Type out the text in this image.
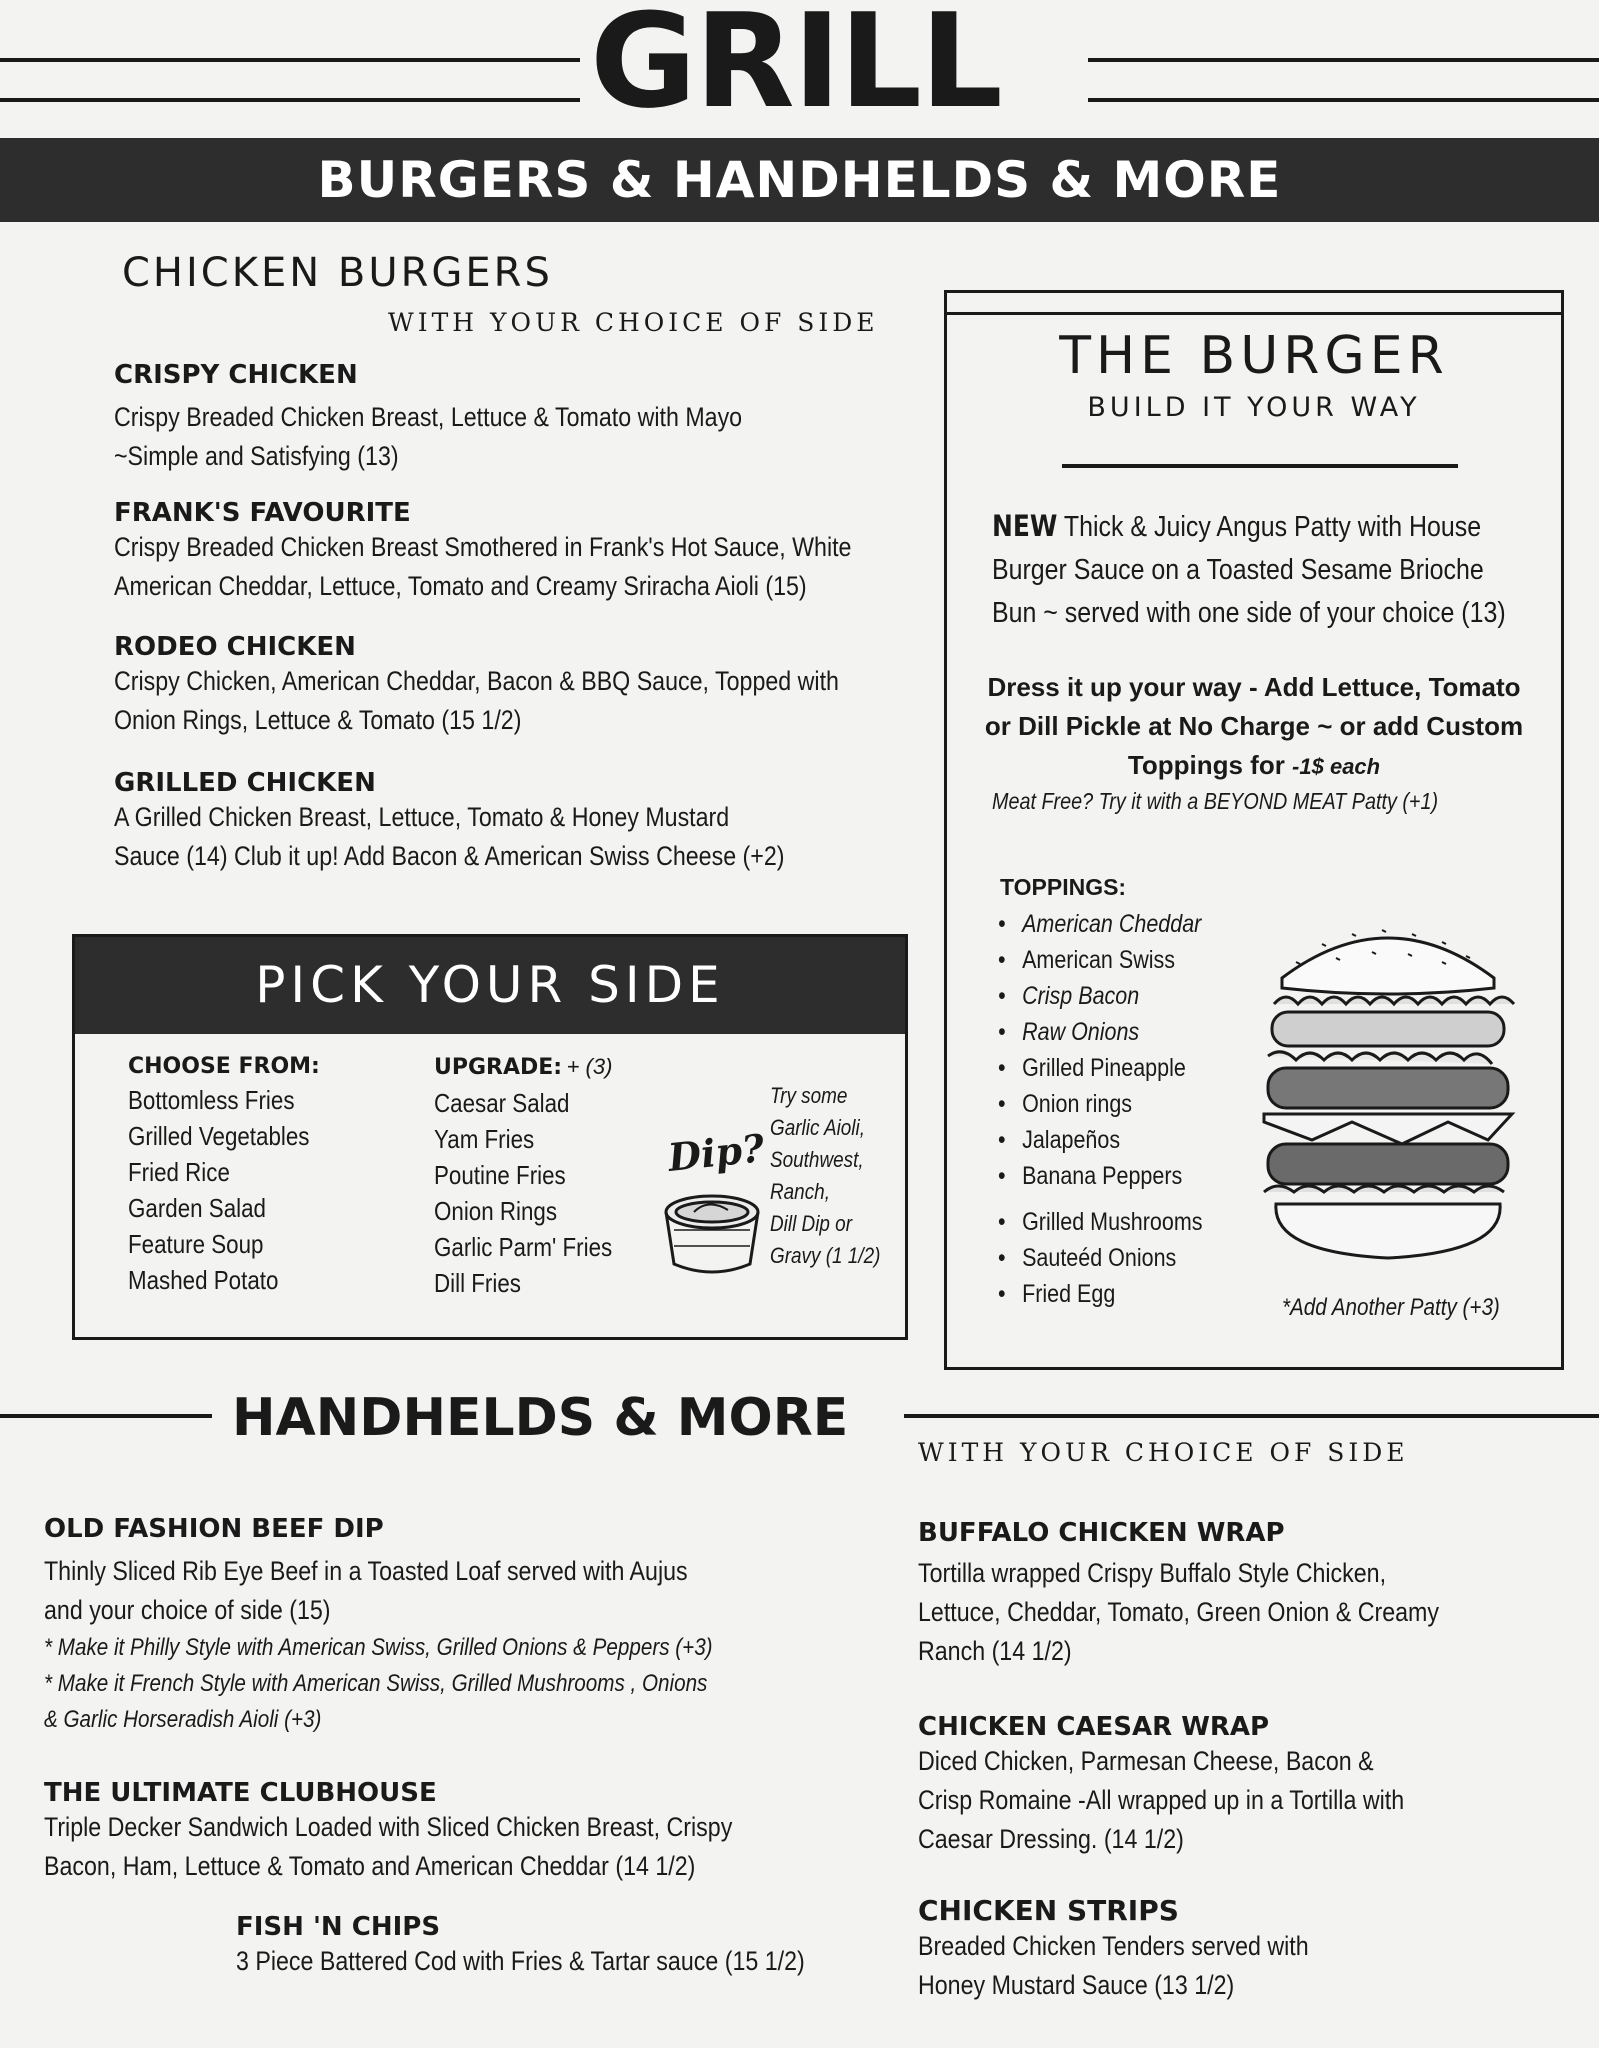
GRILL
BURGERS & HANDHELDS & MORE
CHICKEN BURGERS
WITH YOUR CHOICE OF SIDE
CRISPY CHICKEN
Crispy Breaded Chicken Breast, Lettuce & Tomato with Mayo
~Simple and Satisfying (13)
FRANK'S FAVOURITE
Crispy Breaded Chicken Breast Smothered in Frank's Hot Sauce, White
American Cheddar, Lettuce, Tomato and Creamy Sriracha Aioli (15)
RODEO CHICKEN
Crispy Chicken, American Cheddar, Bacon & BBQ Sauce, Topped with
Onion Rings, Lettuce & Tomato (15 1/2)
GRILLED CHICKEN
A Grilled Chicken Breast, Lettuce, Tomato & Honey Mustard
Sauce (14) Club it up! Add Bacon & American Swiss Cheese (+2)
THE BURGER
BUILD IT YOUR WAY
NEW Thick & Juicy Angus Patty with House
Burger Sauce on a Toasted Sesame Brioche
Bun ~ served with one side of your choice (13)
Dress it up your way - Add Lettuce, Tomato
or Dill Pickle at No Charge ~ or add Custom
Toppings for -1$ each
Meat Free? Try it with a BEYOND MEAT Patty (+1)
TOPPINGS:
• American Cheddar
• American Swiss
• Crisp Bacon
• Raw Onions
• Grilled Pineapple
• Onion rings
• Jalapeños
• Banana Peppers
• Grilled Mushrooms
• Sauteéd Onions
• Fried Egg	*Add Another Patty (+3)
PICK YOUR SIDE
CHOOSE FROM:
Bottomless Fries
Grilled Vegetables
Fried Rice
Garden Salad
Feature Soup
Mashed Potato
UPGRADE: + (3)
Caesar Salad
Yam Fries
Poutine Fries
Onion Rings
Garlic Parm' Fries
Dill Fries
Dip?
Try some
Garlic Aioli,
Southwest,
Ranch,
Dill Dip or
Gravy (1 1/2)
HANDHELDS & MORE
WITH YOUR CHOICE OF SIDE
OLD FASHION BEEF DIP
Thinly Sliced Rib Eye Beef in a Toasted Loaf served with Aujus
and your choice of side (15)
* Make it Philly Style with American Swiss, Grilled Onions & Peppers (+3)
* Make it French Style with American Swiss, Grilled Mushrooms , Onions
& Garlic Horseradish Aioli (+3)
THE ULTIMATE CLUBHOUSE
Triple Decker Sandwich Loaded with Sliced Chicken Breast, Crispy
Bacon, Ham, Lettuce & Tomato and American Cheddar (14 1/2)
FISH 'N CHIPS
3 Piece Battered Cod with Fries & Tartar sauce (15 1/2)
BUFFALO CHICKEN WRAP
Tortilla wrapped Crispy Buffalo Style Chicken,
Lettuce, Cheddar, Tomato, Green Onion & Creamy
Ranch (14 1/2)
CHICKEN CAESAR WRAP
Diced Chicken, Parmesan Cheese, Bacon &
Crisp Romaine -All wrapped up in a Tortilla with
Caesar Dressing. (14 1/2)
CHICKEN STRIPS
Breaded Chicken Tenders served with
Honey Mustard Sauce (13 1/2)
